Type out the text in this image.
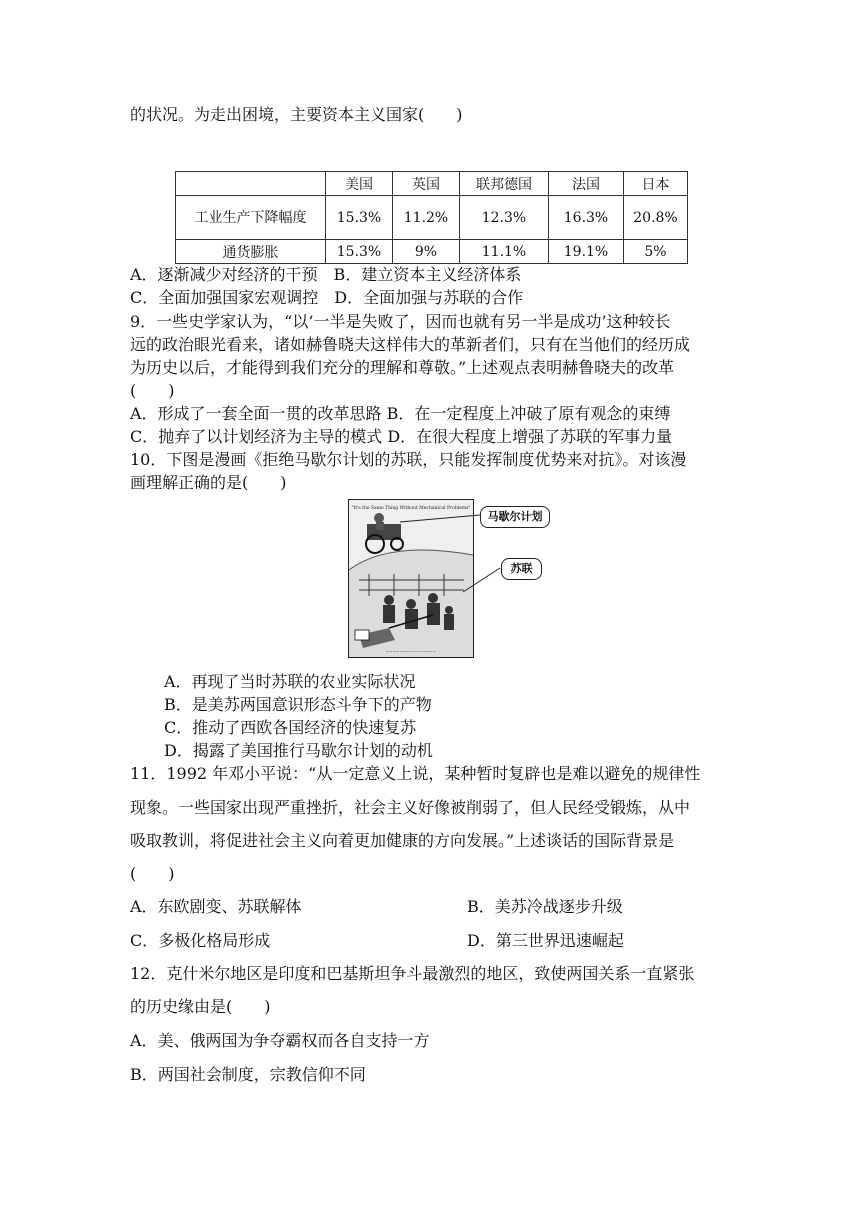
的状况。为走出困境，主要资本主义国家(　　)
	美国	英国	联邦德国	法国	日本
工业生产下降幅度	15.3%	11.2%	12.3%	16.3%	20.8%
通货膨胀	15.3%	9%	11.1%	19.1%	5%
A．逐渐减少对经济的干预　B．建立资本主义经济体系
C．全面加强国家宏观调控　D．全面加强与苏联的合作
9．一些史学家认为，“以‘一半是失败了，因而也就有另一半是成功’这种较长
远的政治眼光看来，诸如赫鲁晓夫这样伟大的革新者们，只有在当他们的经历成
为历史以后，才能得到我们充分的理解和尊敬。”上述观点表明赫鲁晓夫的改革
(　　)
A．形成了一套全面一贯的改革思路 B．在一定程度上冲破了原有观念的束缚
C．抛弃了以计划经济为主导的模式 D．在很大程度上增强了苏联的军事力量
10．下图是漫画《拒绝马歇尔计划的苏联，只能发挥制度优势来对抗》。对该漫
画理解正确的是(　　)
"It's the Same Thing Without Mechanical Problems"
~~~~~~~~~~~~~~~
马歇尔计划
苏联
A．再现了当时苏联的农业实际状况
B．是美苏两国意识形态斗争下的产物
C．推动了西欧各国经济的快速复苏
D．揭露了美国推行马歇尔计划的动机
11．1992 年邓小平说：“从一定意义上说，某种暂时复辟也是难以避免的规律性
现象。一些国家出现严重挫折，社会主义好像被削弱了，但人民经受锻炼，从中
吸取教训，将促进社会主义向着更加健康的方向发展。”上述谈话的国际背景是
(　　)
A．东欧剧变、苏联解体	B．美苏冷战逐步升级
C．多极化格局形成	D．第三世界迅速崛起
12．克什米尔地区是印度和巴基斯坦争斗最激烈的地区，致使两国关系一直紧张
的历史缘由是(　　)
A．美、俄两国为争夺霸权而各自支持一方
B．两国社会制度，宗教信仰不同
